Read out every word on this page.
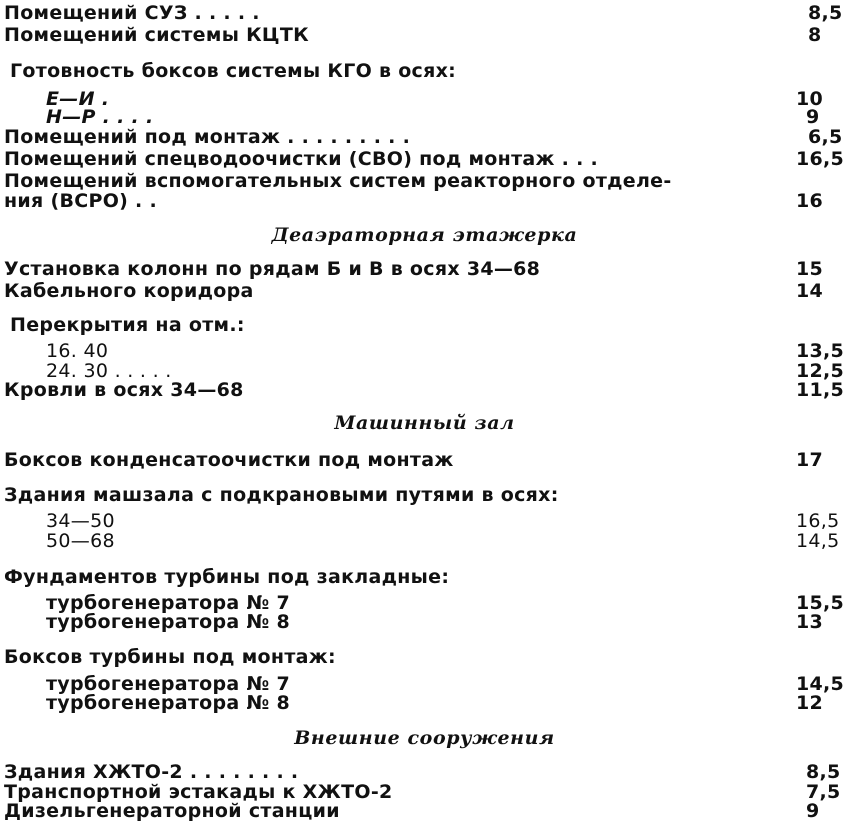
Помещений СУЗ . . . . .	8,5
Помещений системы КЦТК	8
Готовность боксов системы КГО в осях:
Е—И .	10
Н—Р . . . .	9
Помещений под монтаж . . . . . . . . .	6,5
Помещений спецводоочистки (СВО) под монтаж . . .	16,5
Помещений вспомогательных систем реакторного отделе-
ния (ВСРО) . .	16
Деаэраторная этажерка
Установка колонн по рядам Б и В в осях 34—68	15
Кабельного коридора	14
Перекрытия на отм.:
16. 40	13,5
24. 30 . . . . .	12,5
Кровли в осях 34—68	11,5
Машинный зал
Боксов конденсатоочистки под монтаж	17
Здания машзала с подкрановыми путями в осях:
34—50	16,5
50—68	14,5
Фундаментов турбины под закладные:
турбогенератора № 7	15,5
турбогенератора № 8	13
Боксов турбины под монтаж:
турбогенератора № 7	14,5
турбогенератора № 8	12
Внешние сооружения
Здания ХЖТО-2 . . . . . . . .	8,5
Транспортной эстакады к ХЖТО-2	7,5
Дизельгенераторной станции	9
